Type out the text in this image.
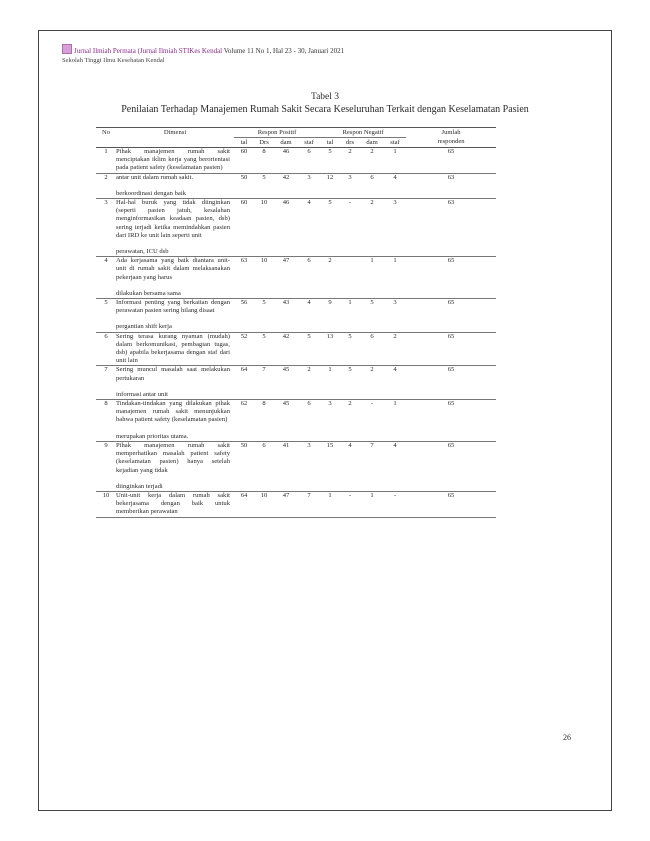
Jurnal Ilmiah Permata (Jurnal Ilmiah STIKes Kendal Volume 11 No 1, Hal 23 - 30, Januari 2021
Sekolah Tinggi Ilmu Kesehatan Kendal
Tabel 3
Penilaian Terhadap Manajemen Rumah Sakit Secara Keseluruhan Terkait dengan Keselamatan Pasien
No	Dimensi	Respon Positif				Respon Negatif				Jumlah
		tal	Drs	dam	staf	tal	drs	dam	staf	responden
1	Pihak manajemen rumah sakit menciptakan iklim kerja yang berorientasi pada patient safety (keselamatan pasien)	60	8	46	6	5	2	2	1	65
2	antar unit dalam rumah sakit.
berkoordinasi dengan baik	50	5	42	3	12	3	6	4	63
3	Hal-hal buruk yang tidak diinginkan (seperti pasien jatuh, kesalahan menginformasikan keadaan pasien, dsb) sering terjadi ketika memindahkan pasien dari IRD ke unit lain seperti unit
perawatan, ICU dsb	60	10	46	4	5	-	2	3	63
4	Ada kerjasama yang baik diantara unit-unit di rumah sakit dalam melaksanakan pekerjaan yang harus
dilakukan bersama sama	63	10	47	6	2		1	1	65
5	Informasi penting yang berkaitan dengan perawatan pasien sering hilang disaat
pergantian shift kerja	56	5	43	4	9	1	5	3	65
6	Sering terasa kurang nyaman (mudah) dalam berkomunikasi, pembagian tugas, dsb) apabila bekerjasama dengan staf dari unit lain	52	5	42	5	13	5	6	2	65
7	Sering muncul masalah saat melakukan pertukaran
informasi antar unit	64	7	45	2	1	5	2	4	65
8	Tindakan-tindakan yang dilakukan pihak manajemen rumah sakit menunjukkan bahwa patient safety (keselamatan pasien)
merupakan prioritas utama.	62	8	45	6	3	2	-	1	65
9	Pihak manajemen rumah sakit memperhatikan masalah patient safety (keselamatan pasien) hanya setelah kejadian yang tidak
diinginkan terjadi	50	6	41	3	15	4	7	4	65
10	Unit-unit kerja dalam rumah sakit bekerjasama dengan baik untuk memberikan perawatan	64	10	47	7	1	-	1	-	65
26
